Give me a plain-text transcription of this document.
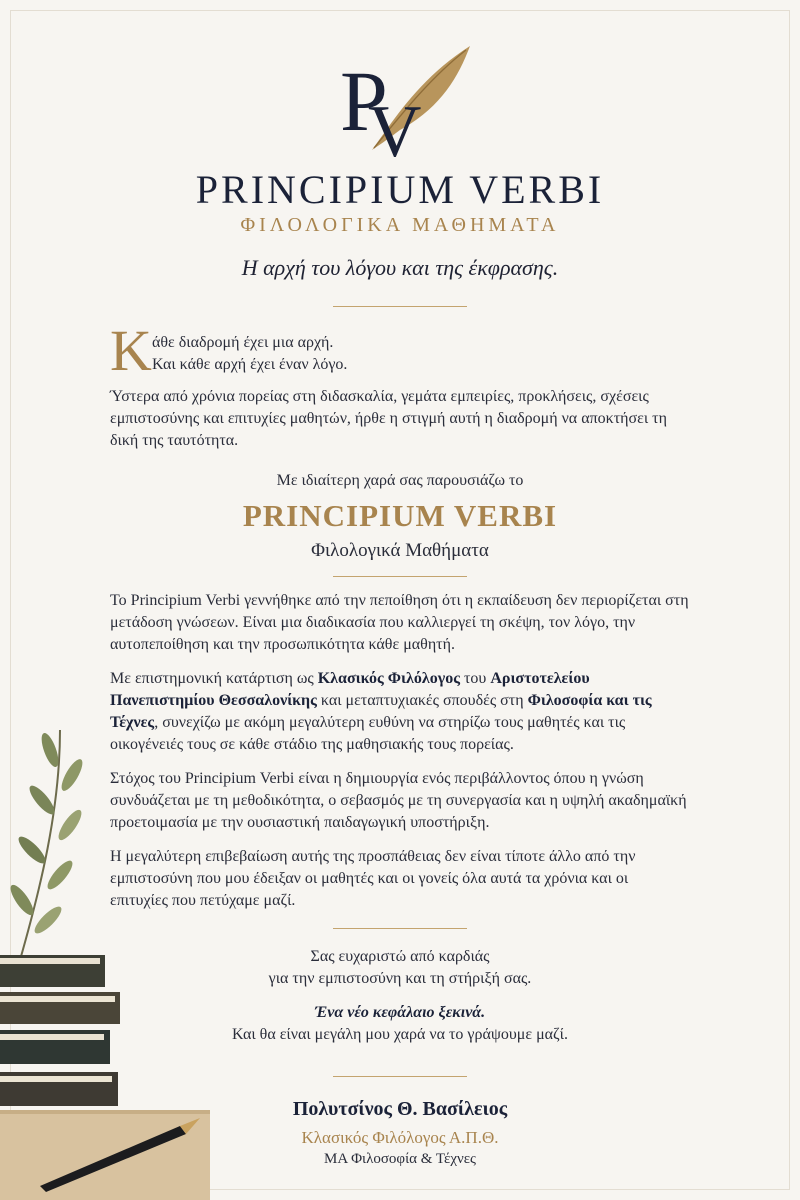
P
V
PRINCIPIUM VERBI
ΦΙΛΟΛΟΓΙΚΑ ΜΑΘΗΜΑΤΑ
Η αρχή του λόγου και της έκφρασης.
Κ άθε διαδρομή έχει μια αρχή.
Και κάθε αρχή έχει έναν λόγο.
Ύστερα από χρόνια πορείας στη διδασκαλία, γεμάτα εμπειρίες, προκλήσεις, σχέσεις εμπιστοσύνης και επιτυχίες μαθητών, ήρθε η στιγμή αυτή η διαδρομή να αποκτήσει τη δική της ταυτότητα.
Με ιδιαίτερη χαρά σας παρουσιάζω το
PRINCIPIUM VERBI
Φιλολογικά Μαθήματα
Το Principium Verbi γεννήθηκε από την πεποίθηση ότι η εκπαίδευση δεν περιορίζεται στη μετάδοση γνώσεων. Είναι μια διαδικασία που καλλιεργεί τη σκέψη, τον λόγο, την αυτοπεποίθηση και την προσωπικότητα κάθε μαθητή.
Με επιστημονική κατάρτιση ως Κλασικός Φιλόλογος του Αριστοτελείου Πανεπιστημίου Θεσσαλονίκης και μεταπτυχιακές σπουδές στη Φιλοσοφία και τις Τέχνες, συνεχίζω με ακόμη μεγαλύτερη ευθύνη να στηρίζω τους μαθητές και τις οικογένειές τους σε κάθε στάδιο της μαθησιακής τους πορείας.
Στόχος του Principium Verbi είναι η δημιουργία ενός περιβάλλοντος όπου η γνώση συνδυάζεται με τη μεθοδικότητα, ο σεβασμός με τη συνεργασία και η υψηλή ακαδημαϊκή προετοιμασία με την ουσιαστική παιδαγωγική υποστήριξη.
Η μεγαλύτερη επιβεβαίωση αυτής της προσπάθειας δεν είναι τίποτε άλλο από την εμπιστοσύνη που μου έδειξαν οι μαθητές και οι γονείς όλα αυτά τα χρόνια και οι επιτυχίες που πετύχαμε μαζί.
Σας ευχαριστώ από καρδιάς
για την εμπιστοσύνη και τη στήριξή σας.
Ένα νέο κεφάλαιο ξεκινά.
Και θα είναι μεγάλη μου χαρά να το γράψουμε μαζί.
Πολυτσίνος Θ. Βασίλειος
Κλασικός Φιλόλογος Α.Π.Θ.
MA Φιλοσοφία & Τέχνες
